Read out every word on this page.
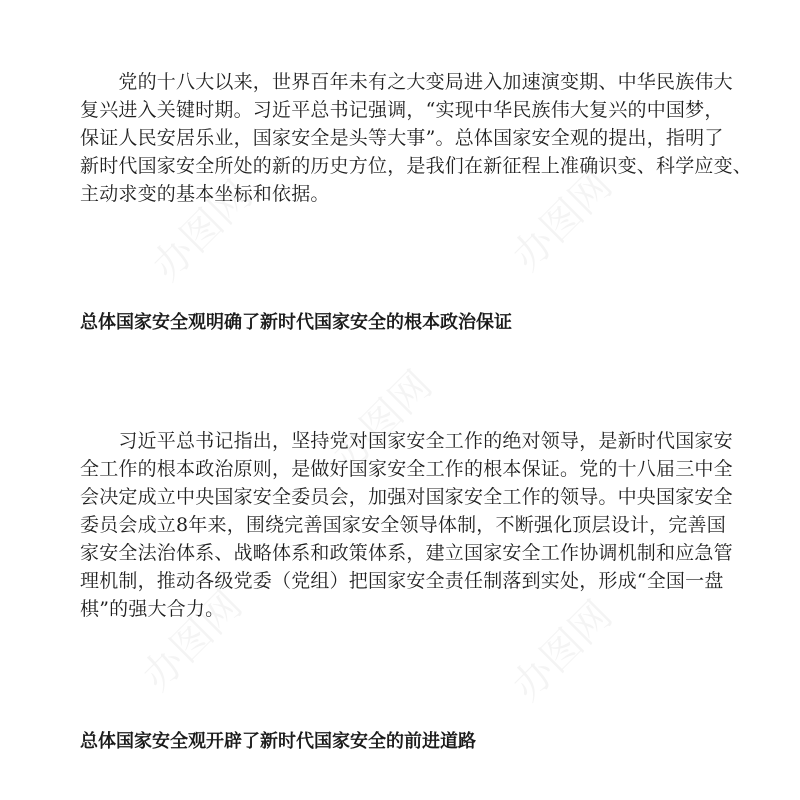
　　党的十八大以来，世界百年未有之大变局进入加速演变期、中华民族伟大
复兴进入关键时期。习近平总书记强调，“实现中华民族伟大复兴的中国梦，
保证人民安居乐业，国家安全是头等大事”。总体国家安全观的提出，指明了
新时代国家安全所处的新的历史方位，是我们在新征程上准确识变、科学应变、
主动求变的基本坐标和依据。
总体国家安全观明确了新时代国家安全的根本政治保证
　　习近平总书记指出，坚持党对国家安全工作的绝对领导，是新时代国家安
全工作的根本政治原则，是做好国家安全工作的根本保证。党的十八届三中全
会决定成立中央国家安全委员会，加强对国家安全工作的领导。中央国家安全
委员会成立8年来，围绕完善国家安全领导体制，不断强化顶层设计，完善国
家安全法治体系、战略体系和政策体系，建立国家安全工作协调机制和应急管
理机制，推动各级党委（党组）把国家安全责任制落到实处，形成“全国一盘
棋”的强大合力。
总体国家安全观开辟了新时代国家安全的前进道路
